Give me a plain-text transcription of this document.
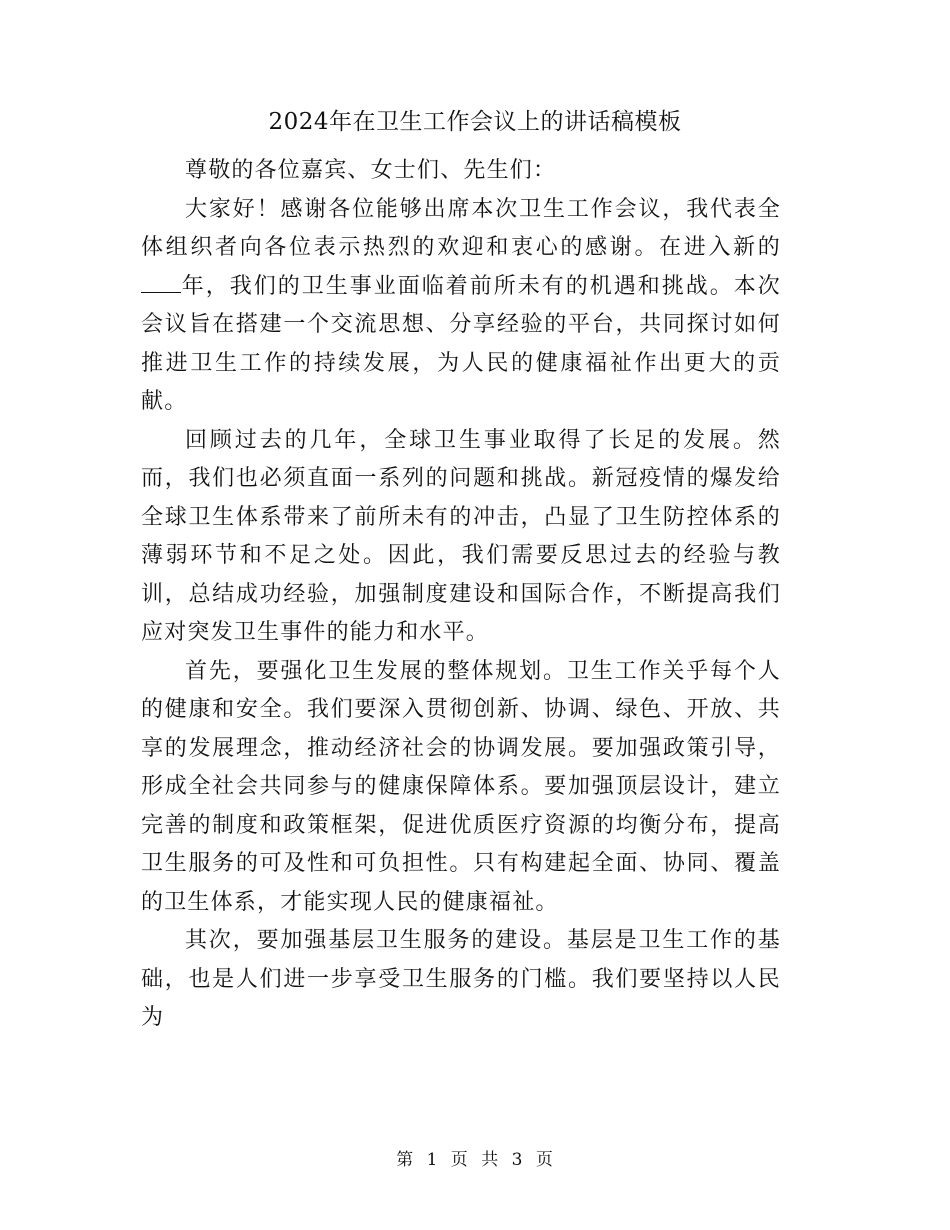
2024年在卫生工作会议上的讲话稿模板

尊敬的各位嘉宾、女士们、先生们：

大家好！感谢各位能够出席本次卫生工作会议，我代表全体组织者向各位表示热烈的欢迎和衷心的感谢。在进入新的年，我们的卫生事业面临着前所未有的机遇和挑战。本次会议旨在搭建一个交流思想、分享经验的平台，共同探讨如何推进卫生工作的持续发展，为人民的健康福祉作出更大的贡献。

回顾过去的几年，全球卫生事业取得了长足的发展。然而，我们也必须直面一系列的问题和挑战。新冠疫情的爆发给全球卫生体系带来了前所未有的冲击，凸显了卫生防控体系的薄弱环节和不足之处。因此，我们需要反思过去的经验与教训，总结成功经验，加强制度建设和国际合作，不断提高我们应对突发卫生事件的能力和水平。

首先，要强化卫生发展的整体规划。卫生工作关乎每个人的健康和安全。我们要深入贯彻创新、协调、绿色、开放、共享的发展理念，推动经济社会的协调发展。要加强政策引导，形成全社会共同参与的健康保障体系。要加强顶层设计，建立完善的制度和政策框架，促进优质医疗资源的均衡分布，提高卫生服务的可及性和可负担性。只有构建起全面、协同、覆盖的卫生体系，才能实现人民的健康福祉。

其次，要加强基层卫生服务的建设。基层是卫生工作的基础，也是人们进一步享受卫生服务的门槛。我们要坚持以人民为

第 1 页 共 3 页
